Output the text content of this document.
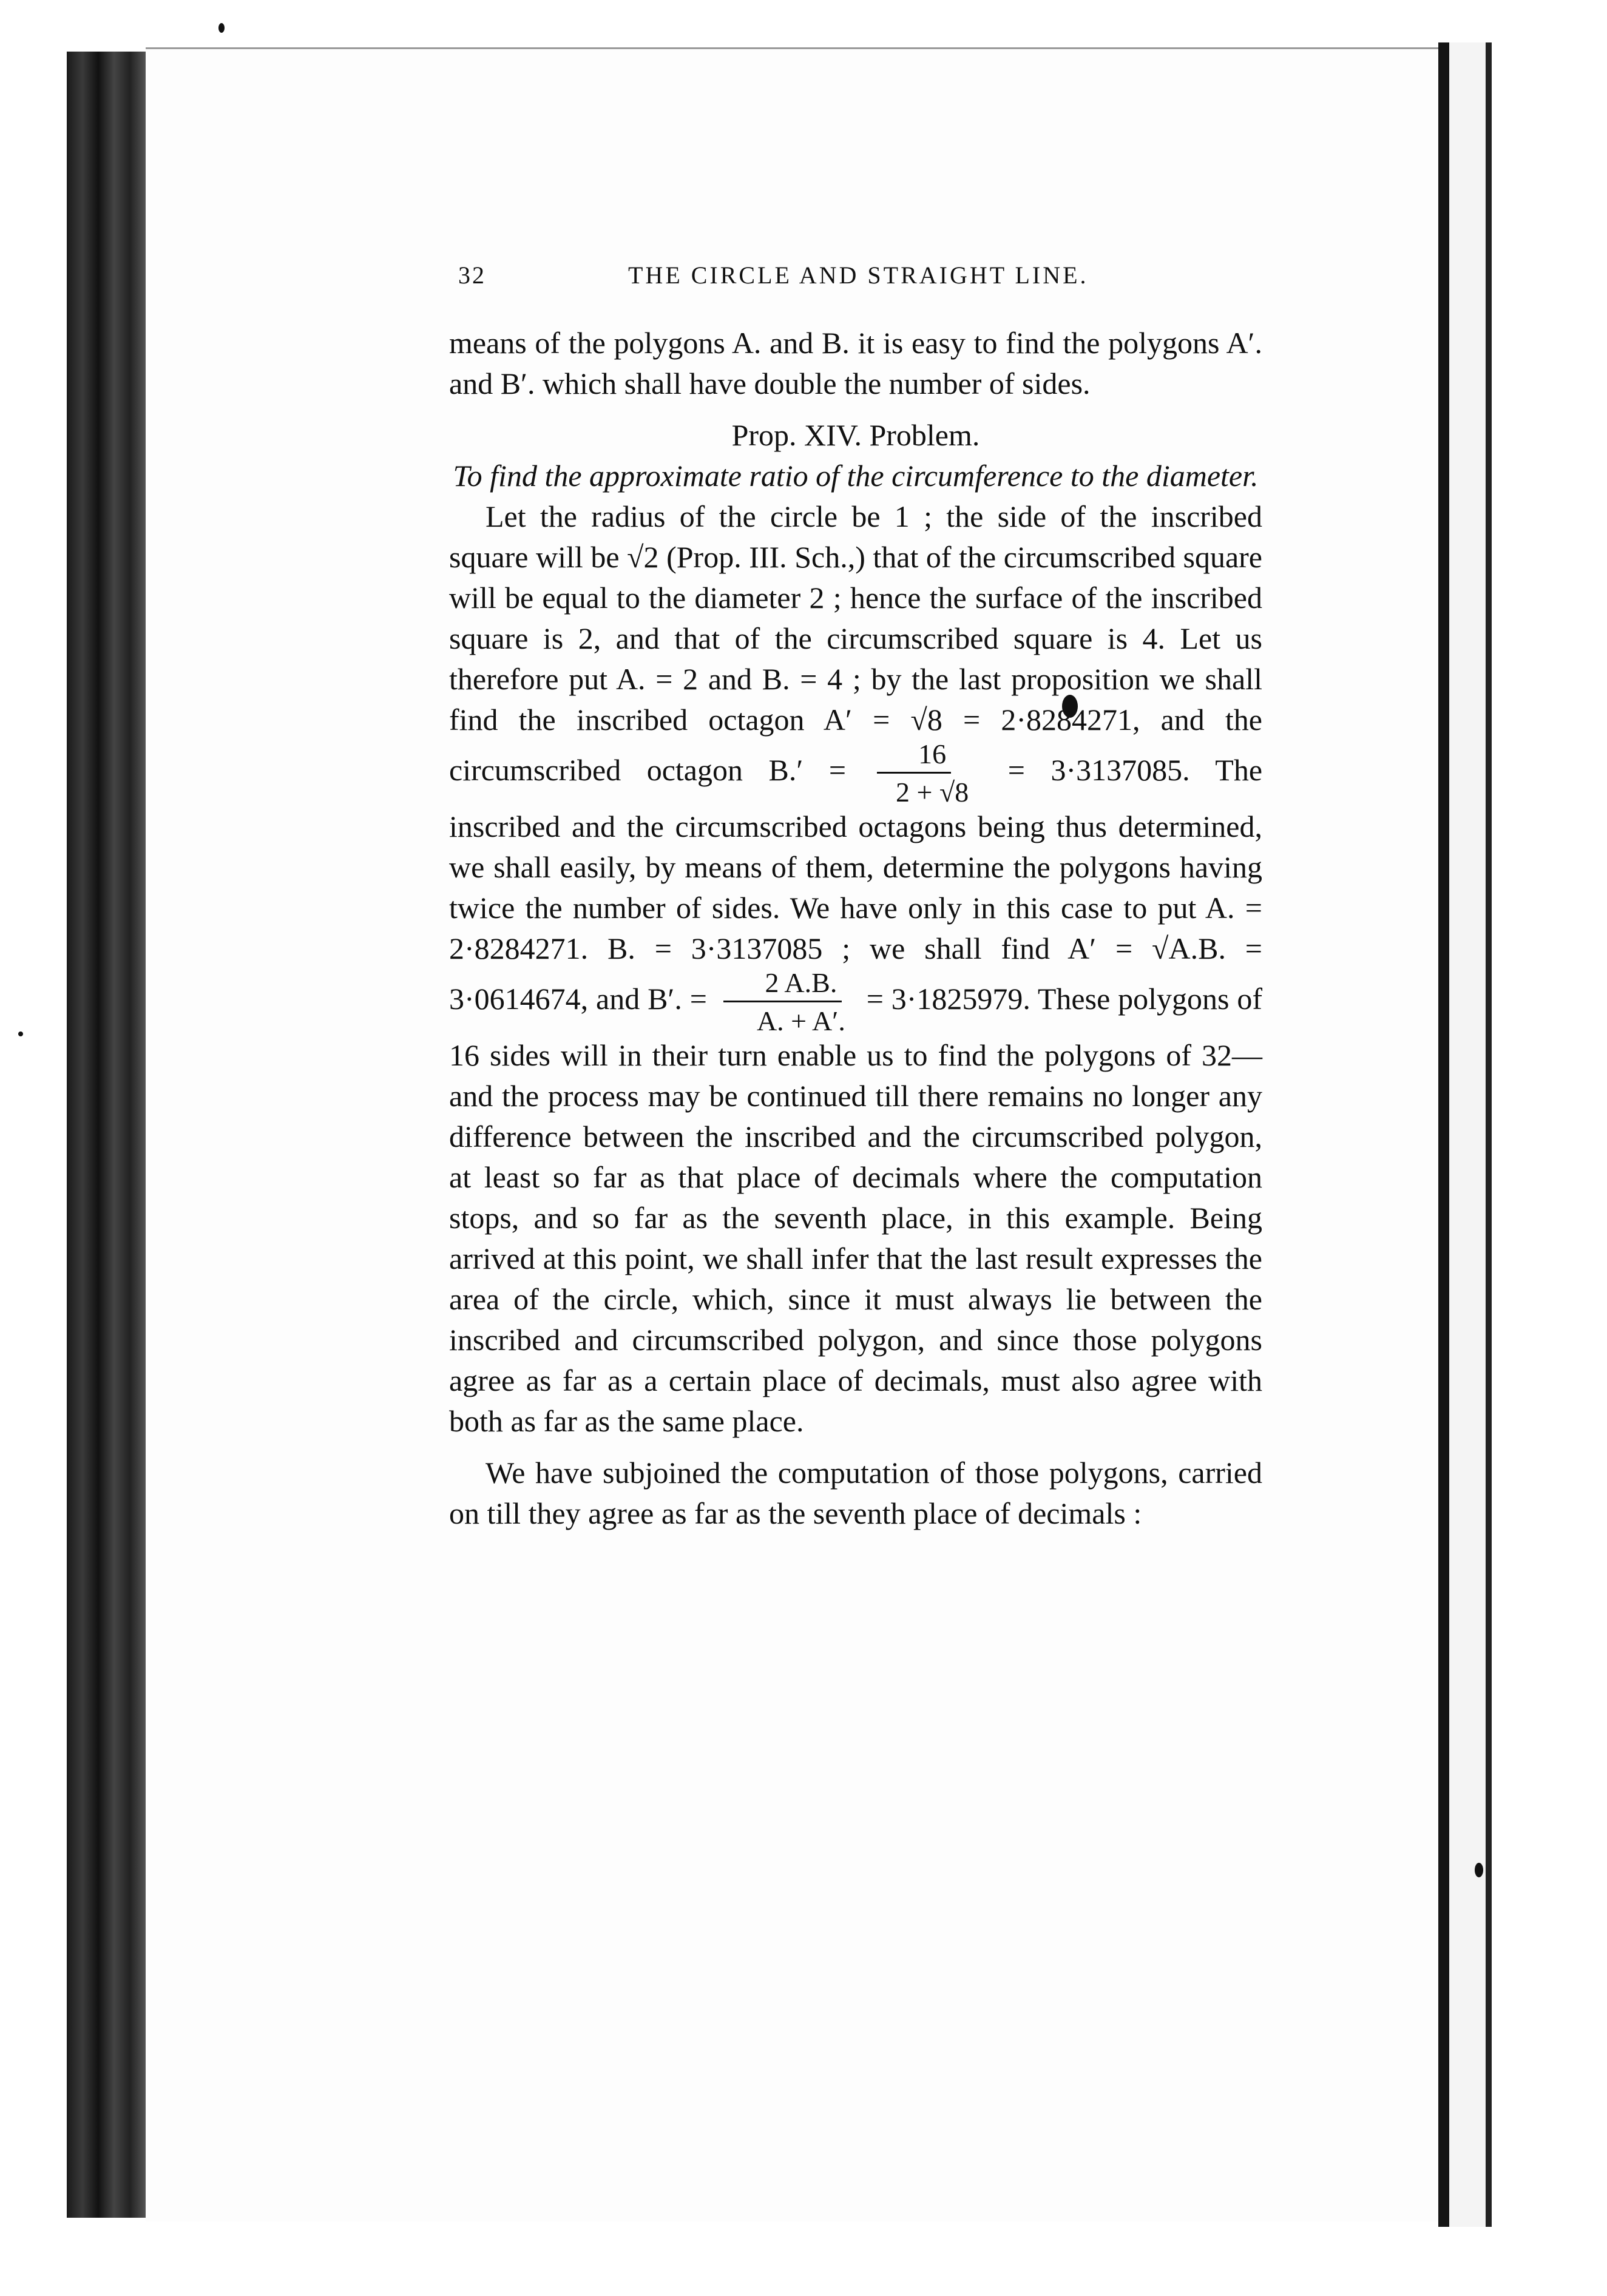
32	THE CIRCLE AND STRAIGHT LINE.

means of the polygons A. and B. it is easy to find the polygons A′. and B′. which shall have double the number of sides.

Prop. XIV. Problem.

To find the approximate ratio of the circumference to the diameter.

Let the radius of the circle be 1 ; the side of the inscribed square will be √2 (Prop. III. Sch.,) that of the circumscribed square will be equal to the diameter 2 ; hence the surface of the inscribed square is 2, and that of the circumscribed square is 4. Let us therefore put A. = 2 and B. = 4 ; by the last proposition we shall find the inscribed octagon A′ = √8 = 2·8284271, and the circumscribed octagon $B.' = \frac{16}{2 + √8} = 3\cdot 3137085$. The inscribed and the circumscribed octagons being thus determined, we shall easily, by means of them, determine the polygons having twice the number of sides. We have only in this case to put A. = 2·8284271. B. = 3·3137085 ; we shall find A′ = √A.B. = 3·0614674, and B′. = $\frac{2 A.B.}{A. + A'.} = 3\cdot 1825979$. These polygons of 16 sides will in their turn enable us to find the polygons of 32—and the process may be continued till there remains no longer any difference between the inscribed and the circumscribed polygon, at least so far as that place of decimals where the computation stops, and so far as the seventh place, in this example. Being arrived at this point, we shall infer that the last result expresses the area of the circle, which, since it must always lie between the inscribed and circumscribed polygon, and since those polygons agree as far as a certain place of decimals, must also agree with both as far as the same place.

We have subjoined the computation of those polygons, carried on till they agree as far as the seventh place of decimals :
